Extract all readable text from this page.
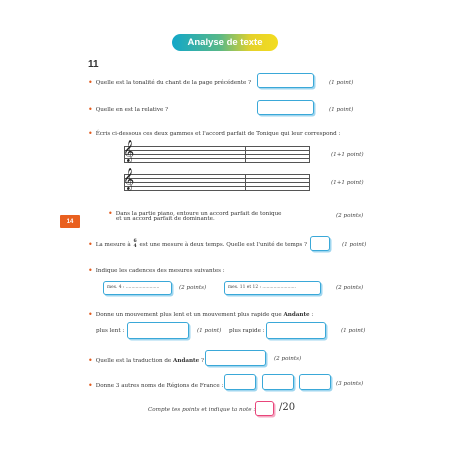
Analyse de texte
11
• Quelle est la tonalité du chant de la page précédente ?	(1 point)
• Quelle en est la relative ?	(1 point)
• Écris ci-dessous ces deux gammes et l'accord parfait de Tonique qui leur correspond :
𝄞	(1+1 point)
𝄞	(1+1 point)
14
• Dans la partie piano, entoure un accord parfait de tonique
et un accord parfait de dominante.	(2 points)
• La mesure à 6
4 est une mesure à deux temps. Quelle est l'unité de temps ?	(1 point)
• Indique les cadences des mesures suivantes :
mes. 4 : ........................	(2 points)	mes. 11 et 12 : ........................	(2 points)
• Donne un mouvement plus lent et un mouvement plus rapide que Andante :
plus lent :	(1 point) plus rapide :	(1 point)
• Quelle est la traduction de Andante ?	(2 points)
• Donne 3 autres noms de Régions de France :	(3 points)
Compte tes points et indique ta note : /20
